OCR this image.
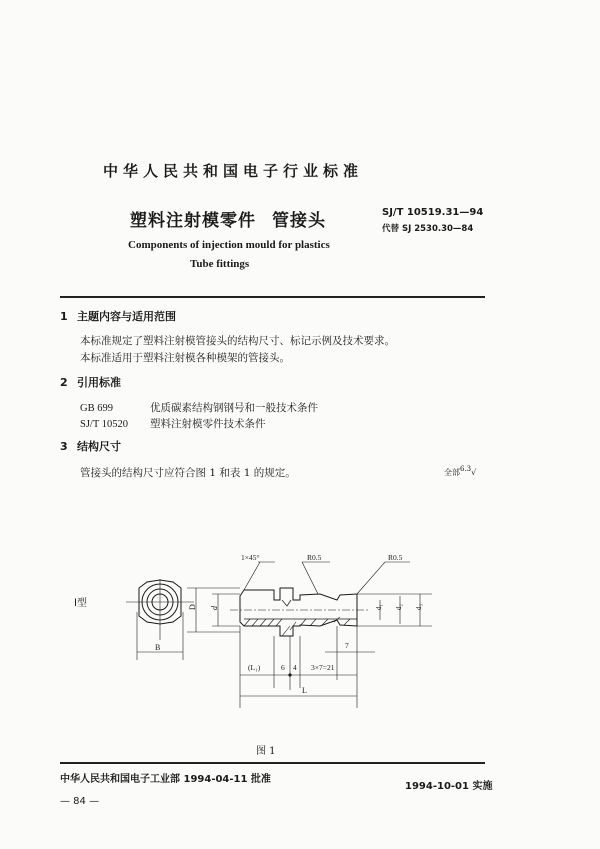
中华人民共和国电子行业标准
塑料注射模零件 管接头	SJ/T 10519.31—94
代替 SJ 2530.30—84
Components of injection mould for plastics
Tube fittings
1 主题内容与适用范围
本标准规定了塑料注射模管接头的结构尺寸、标记示例及技术要求。
本标准适用于塑料注射模各种模架的管接头。
2 引用标准
GB 699	优质碳素结构钢钢号和一般技术条件
SJ/T 10520 塑料注射模零件技术条件
3 结构尺寸
管接头的结构尺寸应符合图 1 和表 1 的规定。	全部6.3√
Ⅰ型
B
D d
1×45°	R0.5	R0.5
d₁ d₂ d₃
(L₁)	6 4 3×7=21
7
L
图 1
中华人民共和国电子工业部 1994-04-11 批准
1994-10-01 实施
— 84 —
